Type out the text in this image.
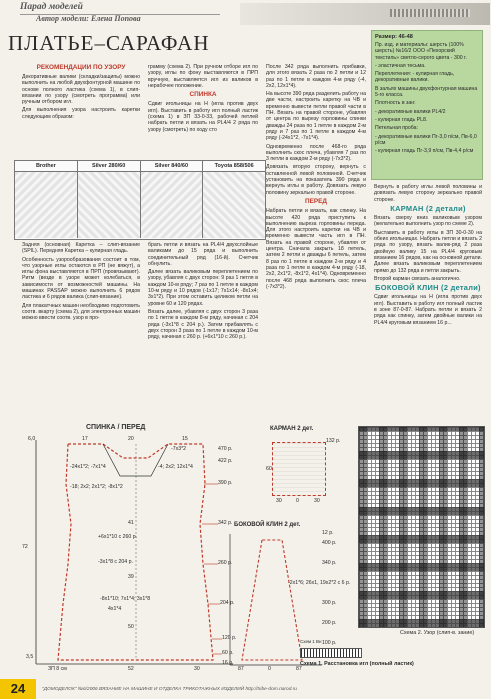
Парад моделей
Автор модели: Елена Попова
ПЛАТЬЕ–САРАФАН
РЕКОМЕНДАЦИИ ПО УЗОРУ

Декоративные валики (складки/защипы) можно выполнить на любой двухфонтурной машине по основе полного ластика (схема 1), в слип-вязании по узору (смотреть программа) или ручным отбором игл.

Для выполнения узора настроить каретки следующим образом:

Brother	Silver 280/60	Silver 840/60	Toyota 858/506

Задняя (основная) Каретка – слип-вязание (SPIL). Передняя Каретка – кулирная гладь.

Особенность узорообразования состоит в том, что узорные иглы остаются в РП (не вяжут), а иглы фона выставляются в ПРП (провязывают). Ритм (везде в узоре может колебаться, в зависимости от возможностей машины. На машинах PASSAP можно выполнить 6 рядов ластика и 6 рядов валика (слип-вязание).

Для плакатчных машин необходимо подготовить соотв. вкарту (схема 2), для электронных машин можно ввести соотв. узор в про-

грамму (схема 2). При ручном отборе игл по узору, иглы по фону выставляются в ПРП вручную, выставляется игл из валиков в нерабочее положение.

СПИНКА

Сдвиг игольницы на H (игла против двух игл). Выставить в работу игл полный ластик (схема 1) в ЗП 33-0-33, рабочей петлей набрать петли и вязать на PL4/4 2 ряда по узору (смотреть) по ходу сто

брать петли и вязать на PL4/4 двухслойные валиками до 15 ряда и выполнить соединительный ряд (16-й). Счетчик обнулить.

Далее вязать валиковым переплетением по узору, убавляя с двух сторон: 9 раз 1 петля в каждом 10-м ряду; 7 раз по 1 петле в каждом 10-м ряду и 10 рядов (-1x17; 7x1x14; -8x1x4; 3x1*2). При этом оставить целиком петли на уровне 60 и 120 рядах.

Вязать далее, убавляя с двух сторон 3 раза по 1 петле в каждом 8-м ряду, начиная с 204 ряда (-3x1*8 с 204 р.). Затем прибавлять с двух сторон 3 раза по 1 петле в каждом 10-м ряду, начиная с 260 р. (+6x1*10 с 260 р.).

После 342 ряда выполнить прибавки, для этого вязать 2 раза по 2 петли и 12 раз по 1 петле в каждом 4-м ряду (-4, 2x2, 12x1*4).

На высоте 390 ряда разделить работу на две части, настроить каретку на ЧВ и временно вывести петли правой части в ПН. Вязать на правой стороне, убавляя от центра по вырезу горловины спинки дважды 24 раза по 1 петле в каждом 2-м ряду и 7 раз по 1 петле в каждом 4-м ряду (-24x1*2, -7x1*4).

Одновременно после 468-го ряда выполнить скос плеча, убавляя 7 раз по 3 петли в каждом 2-м ряду (-7x3*2).

Довязать вторую сторону, вернуть с оставленной левой половиной. Счетчик установить на показатель 390 ряда и вернуть иглы в работу. Довязать левую половину зеркально правой стороне.

ПЕРЕД

Набрать петли и вязать, как спинку. На высоте 420 ряда приступить к выполнению выреза горловины переда. Для этого настроить каретки на ЧВ и временно вывести часть игл в ПН. Вязать на правой стороне, убавляя от центра. Сначала закрыть 18 петель, затем 2 петли и дважды 6 петель, затем 8 раз по 1 петле в каждом 2-м ряду и 4 раза по 1 петле в каждом 4-м ряду (-18, 2x2, 2x1*2, -8x1*2, 4x1*4). Одновременно после 468 ряда выполнить скос плеча (-7x3*2).

Размер: 46-48

Пр. изд. и материалы: шерсть (100% шерсть) №16/2 ООО «Пехорский текстиль» светло-серого цвета - 300 г.

- эластичная тесьма.

Переплетения: - кулирная гладь, декоративные валики.

В зальях машины двухфонтурная машина 5-го класса.

Плотность в зан:

- декоративные валики PL4/2

- кулирная гладь PL8.

Петельная проба:

- декоративные валики Пг-3,0 п/см, Пв-6,0 р/см

- кулирная гладь Пг-3,9 п/см, Пв-4,4 р/см

Вернуть в работу иглы левой половины и довязать левую сторону зеркально правой стороне.

КАРМАН (2 детали)

Вязать сверху вниз валиковым узором (желательно выполнить узор по схеме 2).

Выставить в работу иглы в ЗП 30-0-30 на обеих игольницах. Набрать петли и вязать 2 ряда по узору, вязать валик-ряд 2 раза двойную валику 15 на PL4/4 круговым вязанием 16 рядов, как на основной детали. Далее вязать валиковым переплетением прямо до 132 ряда и петли закрыть.

Второй карман связать аналогично.

БОКОВОЙ КЛИН (2 детали)

Сдвиг игольницы на H (игла против двух игл). Выставить в работу игл полный ластик в зоне 87-0-87. Набрать петли и вязать 2 ряда как спинку, затем двойные валики на PL4/4 круговым вязанием 16 р...

СПИНКА / ПЕРЕД
-24x1*2; -7x1*4	-4; 2x2; 12x1*4
+6x1*10 с 260 р.
-3x1*8 с 204 р.
-8x1*10; 7x1*4; 3x1*8
4x1*4
-18; 2x2; 2x1*2; -8x1*2
-7x3*2	470 р.
422 р.
390 р.
342 р.
260 р.
204 р.
120 р.
60 р.
16 р.
6,0	17	20	15
41
39
50
52
72
3,5
ЗП 8 см	30
КАРМАН 2 дет.
132 р.
60
30	0	30
БОКОВОЙ КЛИН 2 дет.
-2x1*6; 26x1, 19x2*2 с 6 р.
400 р.
340 р.
300 р.
200 р.
100 р.
12 р.
87	0	87
Схема 2. Узор (слип-в. зание)
Схем 1 Вн
Схема 1. Расстановка игл (полный ластик)
24	"ДОМОДЕЛОК" №6/2006 ВЯЗАНИЕ НА МАШИНЕ И ОТДЕЛКА ТРИКОТАЖНЫХ ИЗДЕЛИЙ http://tribe-dom.narod.ru
